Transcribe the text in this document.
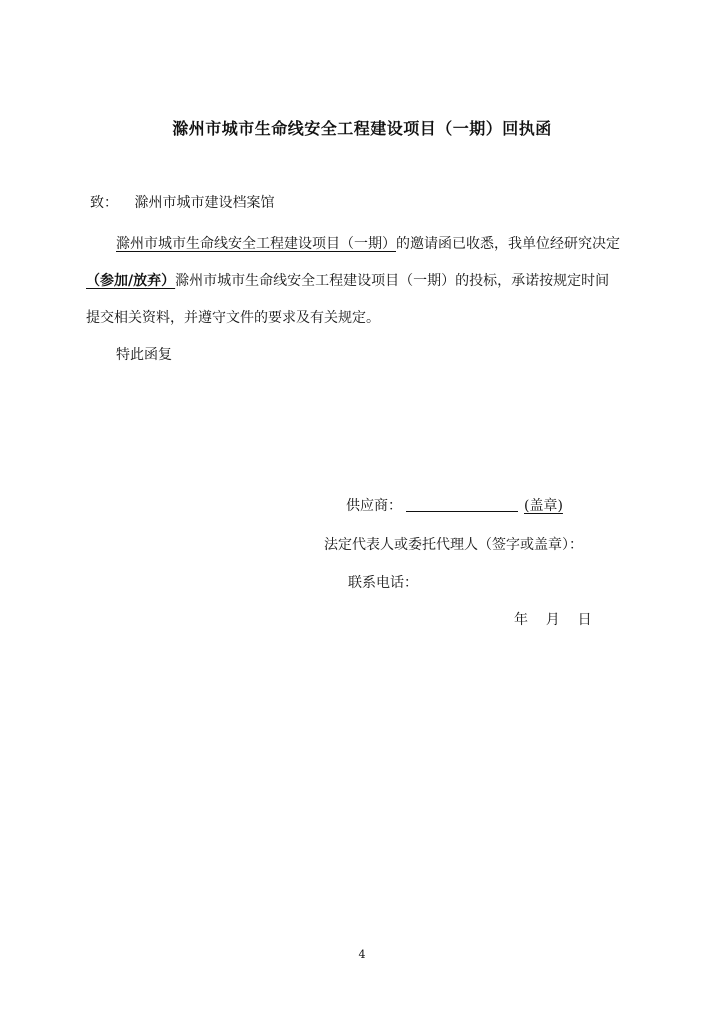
滁州市城市生命线安全工程建设项目（一期）回执函
致： 滁州市城市建设档案馆
滁州市城市生命线安全工程建设项目（一期）的邀请函已收悉，我单位经研究决定
（参加/放弃）滁州市城市生命线安全工程建设项目（一期）的投标，承诺按规定时间
提交相关资料，并遵守文件的要求及有关规定。
特此函复
供应商：	(盖章)
法定代表人或委托代理人（签字或盖章）：
联系电话：
年    月    日
4
